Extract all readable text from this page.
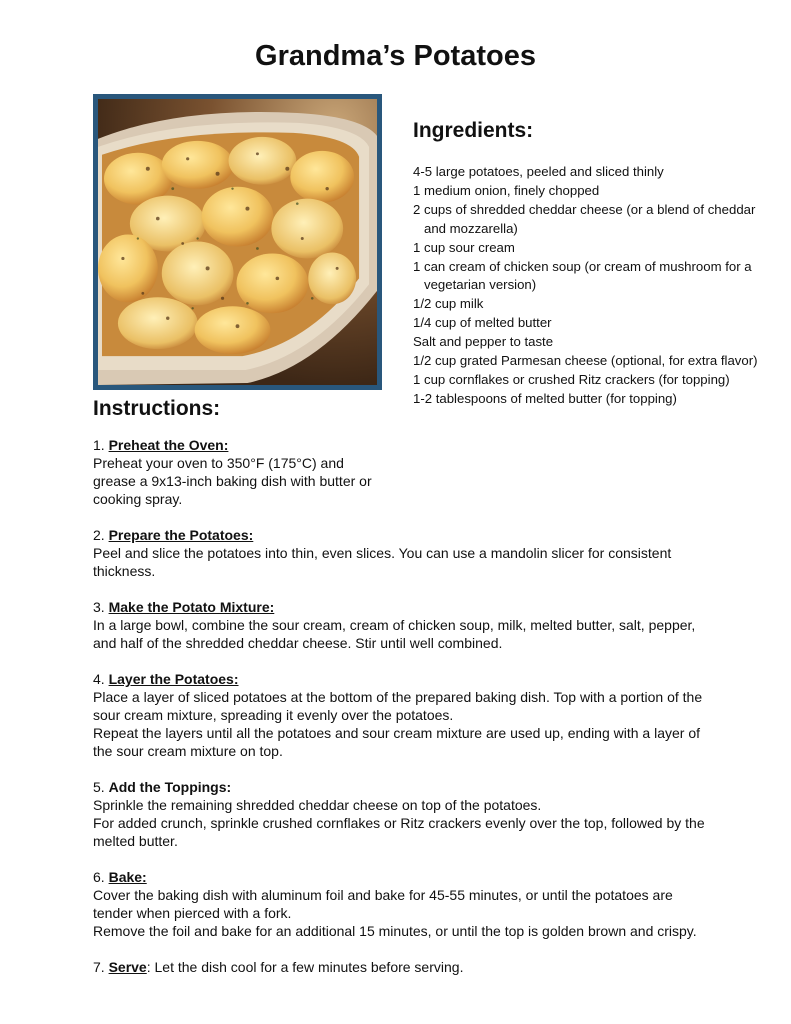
Grandma’s Potatoes
Ingredients:
4-5 large potatoes, peeled and sliced thinly
1 medium onion, finely chopped
2 cups of shredded cheddar cheese (or a blend of cheddar and mozzarella)
1 cup sour cream
1 can cream of chicken soup (or cream of mushroom for a vegetarian version)
1/2 cup milk
1/4 cup of melted butter
Salt and pepper to taste
1/2 cup grated Parmesan cheese (optional, for extra flavor)
1 cup cornflakes or crushed Ritz crackers (for topping)
1-2 tablespoons of melted butter (for topping)
Instructions:

1. Preheat the Oven:

Preheat your oven to 350°F (175°C) and grease a 9x13-inch baking dish with butter or cooking spray.

2. Prepare the Potatoes:

Peel and slice the potatoes into thin, even slices. You can use a mandolin slicer for consistent thickness.

3. Make the Potato Mixture:

In a large bowl, combine the sour cream, cream of chicken soup, milk, melted butter, salt, pepper, and half of the shredded cheddar cheese. Stir until well combined.

4. Layer the Potatoes:

Place a layer of sliced potatoes at the bottom of the prepared baking dish. Top with a portion of the sour cream mixture, spreading it evenly over the potatoes.

Repeat the layers until all the potatoes and sour cream mixture are used up, ending with a layer of the sour cream mixture on top.

5. Add the Toppings:

Sprinkle the remaining shredded cheddar cheese on top of the potatoes.

For added crunch, sprinkle crushed cornflakes or Ritz crackers evenly over the top, followed by the melted butter.

6. Bake:

Cover the baking dish with aluminum foil and bake for 45-55 minutes, or until the potatoes are tender when pierced with a fork.

Remove the foil and bake for an additional 15 minutes, or until the top is golden brown and crispy.

7. Serve: Let the dish cool for a few minutes before serving.
